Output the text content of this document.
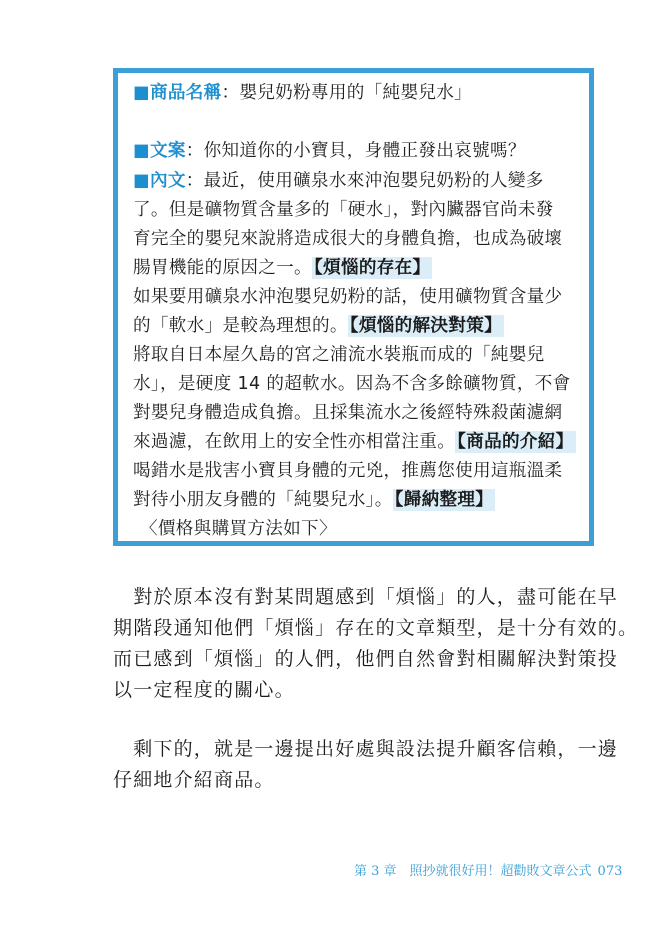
■商品名稱：嬰兒奶粉專用的「純嬰兒水」
■文案：你知道你的小寶貝，身體正發出哀號嗎？
■內文：最近，使用礦泉水來沖泡嬰兒奶粉的人變多
了。但是礦物質含量多的「硬水」，對內臟器官尚未發
育完全的嬰兒來說將造成很大的身體負擔，也成為破壞
腸胃機能的原因之一。 【煩惱的存在】
如果要用礦泉水沖泡嬰兒奶粉的話，使用礦物質含量少
的「軟水」是較為理想的。 【煩惱的解決對策】
將取自日本屋久島的宮之浦流水裝瓶而成的「純嬰兒
水」，是硬度 14 的超軟水。因為不含多餘礦物質，不會
對嬰兒身體造成負擔。且採集流水之後經特殊殺菌濾網
來過濾，在飲用上的安全性亦相當注重。 【商品的介紹】
喝錯水是戕害小寶貝身體的元兇，推薦您使用這瓶溫柔
對待小朋友身體的「純嬰兒水」。 【歸納整理】
〈價格與購買方法如下〉
　對於原本沒有對某問題感到「煩惱」的人，盡可能在早
期階段通知他們「煩惱」存在的文章類型，是十分有效的。
而已感到「煩惱」的人們，他們自然會對相關解決對策投
以一定程度的關心。
　剩下的，就是一邊提出好處與設法提升顧客信賴，一邊
仔細地介紹商品。
第 3 章　照抄就很好用！超勸敗文章公式 073
